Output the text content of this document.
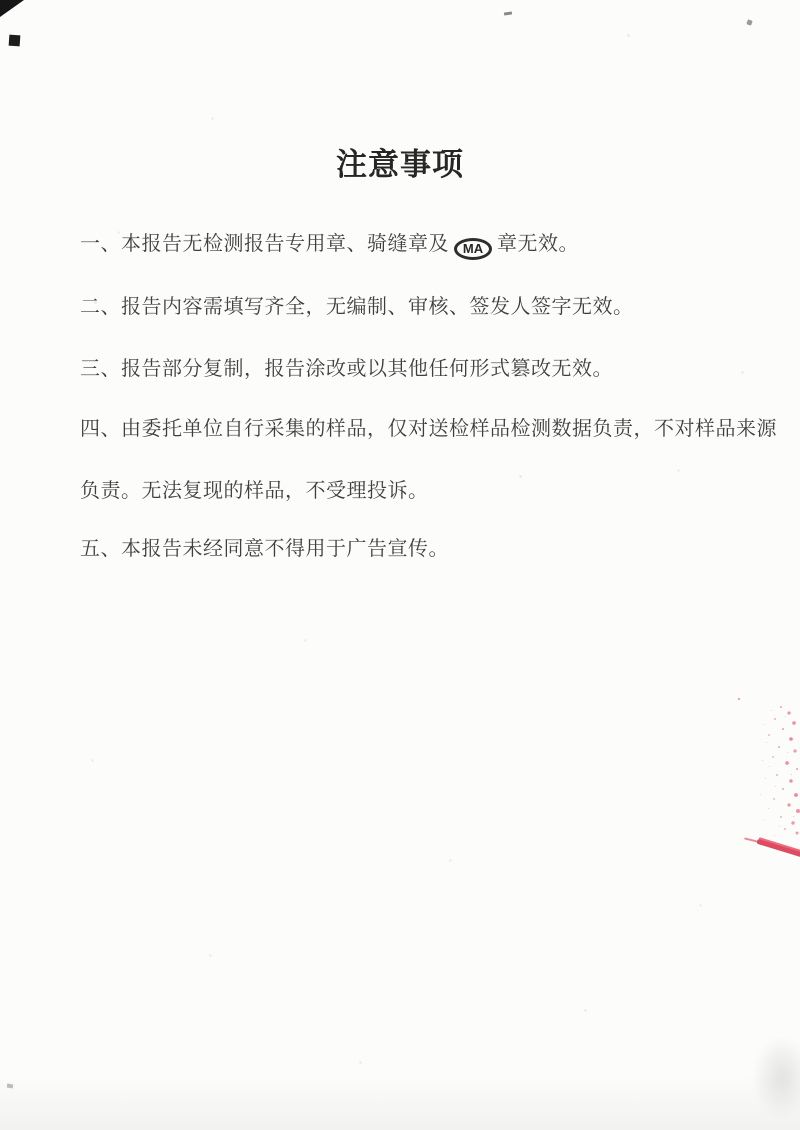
注意事项

一、本报告无检测报告专用章、骑缝章及 MA 章无效。

二、报告内容需填写齐全，无编制、审核、签发人签字无效。

三、报告部分复制，报告涂改或以其他任何形式篡改无效。

四、由委托单位自行采集的样品，仅对送检样品检测数据负责，不对样品来源

负责。无法复现的样品，不受理投诉。

五、本报告未经同意不得用于广告宣传。
